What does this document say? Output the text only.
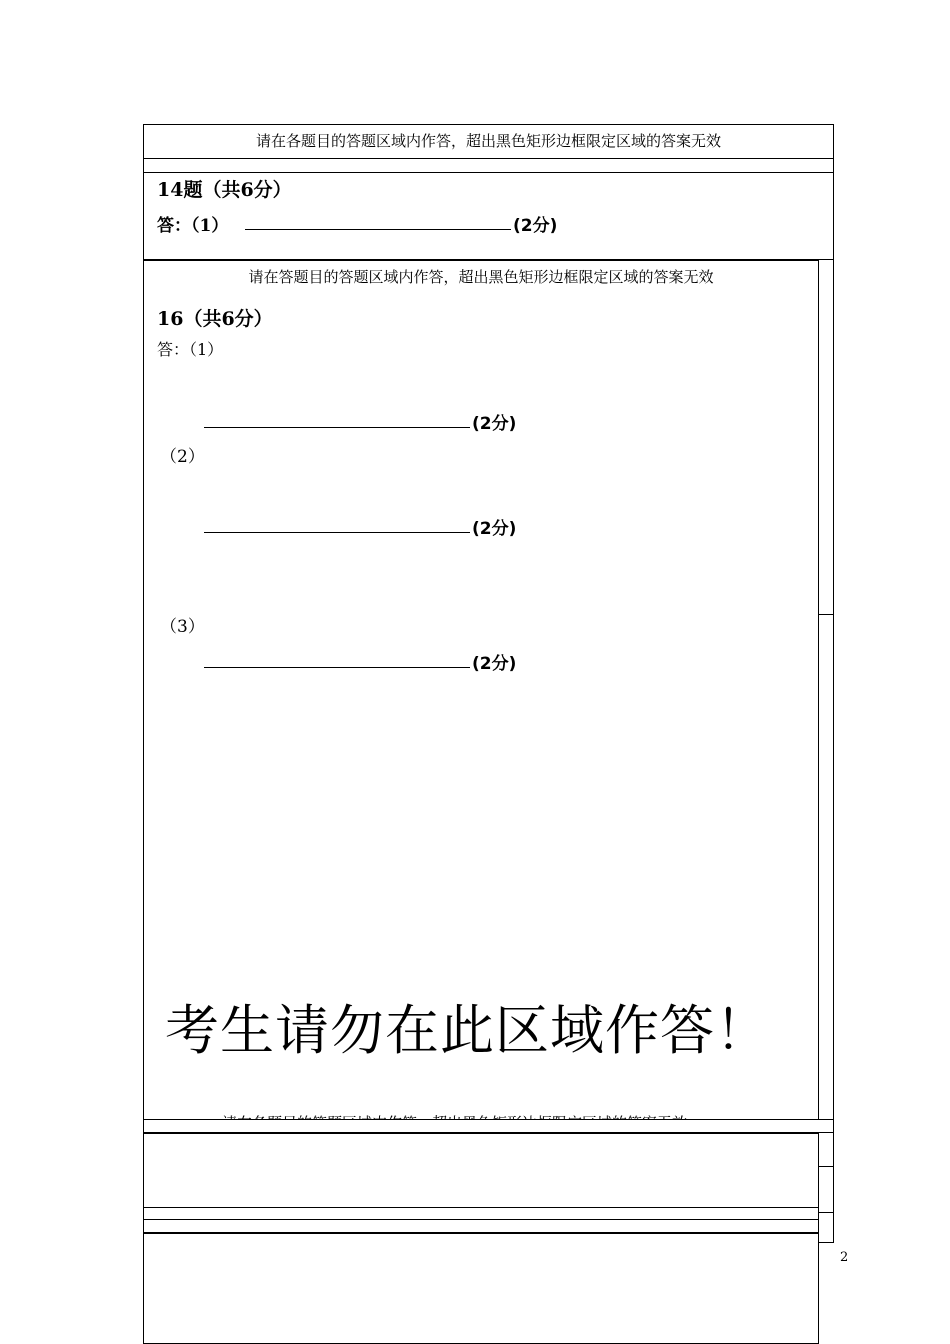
请在各题目的答题区域内作答，超出黑色矩形边框限定区域的答案无效
14题（共6分）
答：（1）	(2分)
请在答题目的答题区域内作答，超出黑色矩形边框限定区域的答案无效
16（共6分）
答：（1）
(2分)
（2）
(2分)
（3）
(2分)
考生请勿在此区域作答！
2
